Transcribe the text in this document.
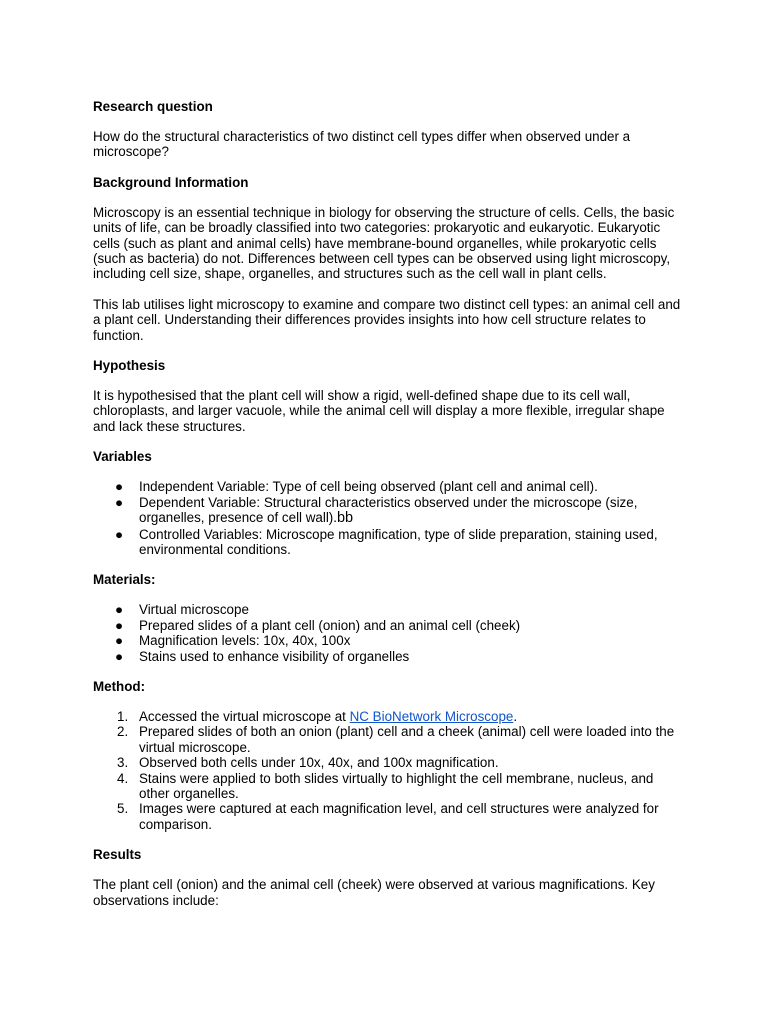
Research question

How do the structural characteristics of two distinct cell types differ when observed under a microscope?

Background Information

Microscopy is an essential technique in biology for observing the structure of cells. Cells, the basic units of life, can be broadly classified into two categories: prokaryotic and eukaryotic. Eukaryotic cells (such as plant and animal cells) have membrane-bound organelles, while prokaryotic cells (such as bacteria) do not. Differences between cell types can be observed using light microscopy, including cell size, shape, organelles, and structures such as the cell wall in plant cells.

This lab utilises light microscopy to examine and compare two distinct cell types: an animal cell and a plant cell. Understanding their differences provides insights into how cell structure relates to function.

Hypothesis

It is hypothesised that the plant cell will show a rigid, well-defined shape due to its cell wall, chloroplasts, and larger vacuole, while the animal cell will display a more flexible, irregular shape and lack these structures.

Variables

● Independent Variable: Type of cell being observed (plant cell and animal cell).
● Dependent Variable: Structural characteristics observed under the microscope (size, organelles, presence of cell wall).bb
● Controlled Variables: Microscope magnification, type of slide preparation, staining used, environmental conditions.

Materials:

● Virtual microscope
● Prepared slides of a plant cell (onion) and an animal cell (cheek)
● Magnification levels: 10x, 40x, 100x
● Stains used to enhance visibility of organelles

Method:

1. Accessed the virtual microscope at NC BioNetwork Microscope.
2. Prepared slides of both an onion (plant) cell and a cheek (animal) cell were loaded into the virtual microscope.
3. Observed both cells under 10x, 40x, and 100x magnification.
4. Stains were applied to both slides virtually to highlight the cell membrane, nucleus, and other organelles.
5. Images were captured at each magnification level, and cell structures were analyzed for comparison.

Results

The plant cell (onion) and the animal cell (cheek) were observed at various magnifications. Key observations include:
